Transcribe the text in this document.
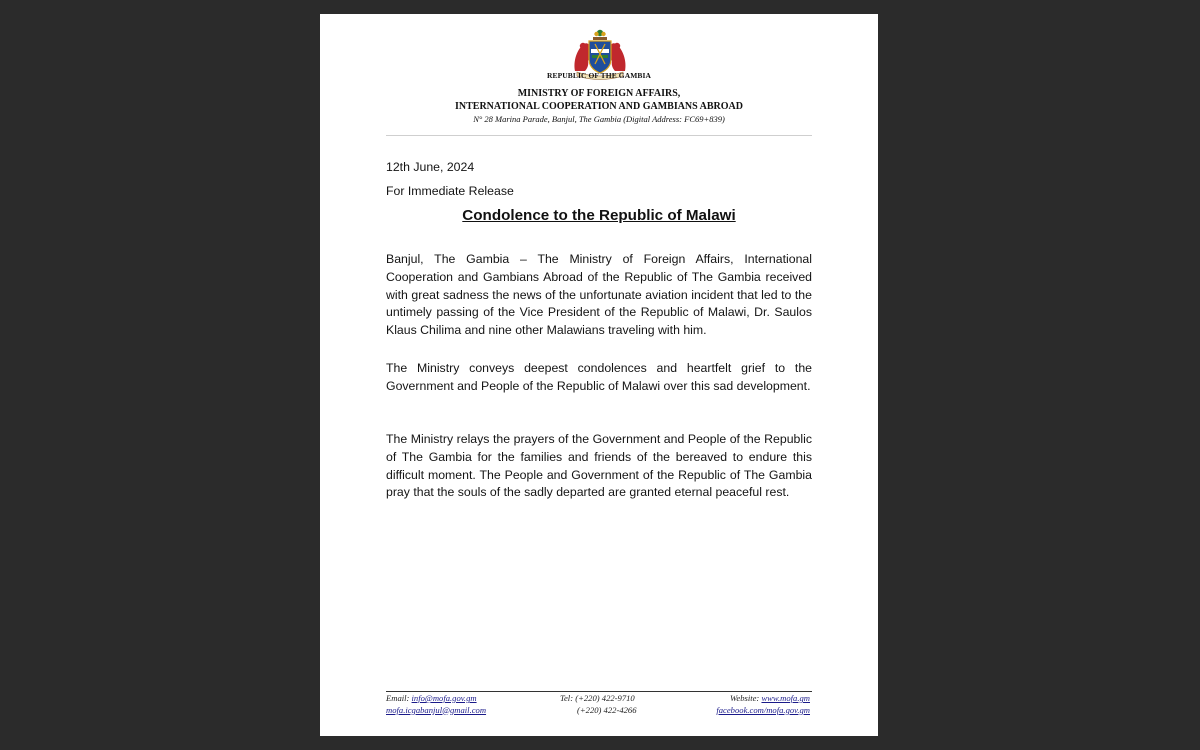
REPUBLIC OF THE GAMBIA
MINISTRY OF FOREIGN AFFAIRS,
INTERNATIONAL COOPERATION AND GAMBIANS ABROAD
N° 28 Marina Parade, Banjul, The Gambia (Digital Address: FC69+839)
12th June, 2024
For Immediate Release
Condolence to the Republic of Malawi

Banjul, The Gambia – The Ministry of Foreign Affairs, International Cooperation and Gambians Abroad of the Republic of The Gambia received with great sadness the news of the unfortunate aviation incident that led to the untimely passing of the Vice President of the Republic of Malawi, Dr. Saulos Klaus Chilima and nine other Malawians traveling with him.

The Ministry conveys deepest condolences and heartfelt grief to the Government and People of the Republic of Malawi over this sad development.

The Ministry relays the prayers of the Government and People of the Republic of The Gambia for the families and friends of the bereaved to endure this difficult moment. The People and Government of the Republic of The Gambia pray that the souls of the sadly departed are granted eternal peaceful rest.

Email: info@mofa.gov.gm
mofa.icgabanjul@gmail.com
Tel: (+220) 422-9710
(+220) 422-4266
Website: www.mofa.gm
facebook.com/mofa.gov.gm
